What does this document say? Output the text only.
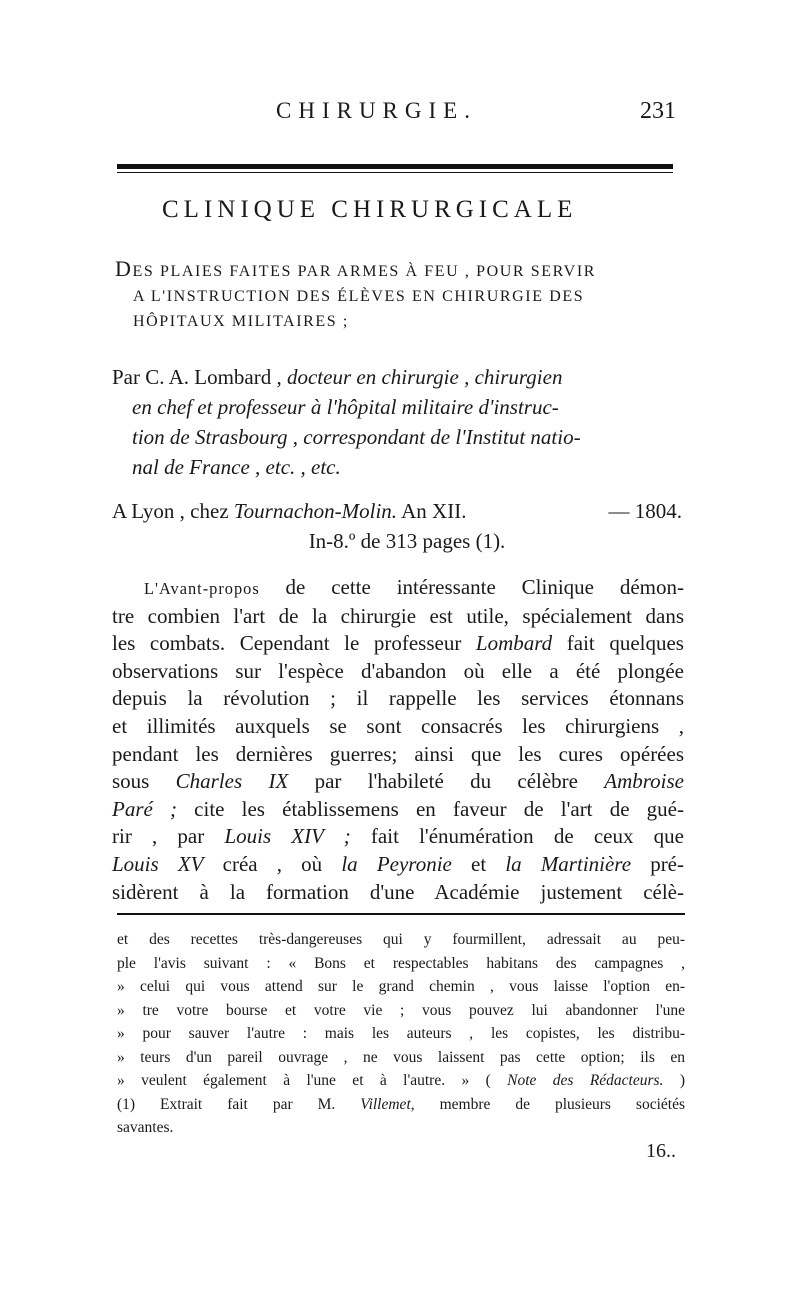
CHIRURGIE.	231
CLINIQUE CHIRURGICALE
DES PLAIES FAITES PAR ARMES À FEU , POUR SERVIR
A L'INSTRUCTION DES ÉLÈVES EN CHIRURGIE DES
HÔPITAUX MILITAIRES ;
Par C. A. Lombard , docteur en chirurgie , chirurgien
en chef et professeur à l'hôpital militaire d'instruc-
tion de Strasbourg , correspondant de l'Institut natio-
nal de France , etc. , etc.
A Lyon , chez Tournachon-Molin. An XII.	— 1804.
In-8.º de 313 pages (1).
L'Avant-propos de cette intéressante Clinique démon-
tre combien l'art de la chirurgie est utile, spécialement dans
les combats. Cependant le professeur Lombard fait quelques
observations sur l'espèce d'abandon où elle a été plongée
depuis la révolution ; il rappelle les services étonnans
et illimités auxquels se sont consacrés les chirurgiens ,
pendant les dernières guerres; ainsi que les cures opérées
sous Charles IX par l'habileté du célèbre Ambroise
Paré ; cite les établissemens en faveur de l'art de gué-
rir , par Louis XIV ; fait l'énumération de ceux que
Louis XV créa , où la Peyronie et la Martinière pré-
sidèrent à la formation d'une Académie justement célè-
et des recettes très-dangereuses qui y fourmillent, adressait au peu-
ple l'avis suivant : « Bons et respectables habitans des campagnes ,
» celui qui vous attend sur le grand chemin , vous laisse l'option en-
» tre votre bourse et votre vie ; vous pouvez lui abandonner l'une
» pour sauver l'autre : mais les auteurs , les copistes, les distribu-
» teurs d'un pareil ouvrage , ne vous laissent pas cette option; ils en
» veulent également à l'une et à l'autre. » ( Note des Rédacteurs. )
(1) Extrait fait par M. Villemet, membre de plusieurs sociétés
savantes.
16..
